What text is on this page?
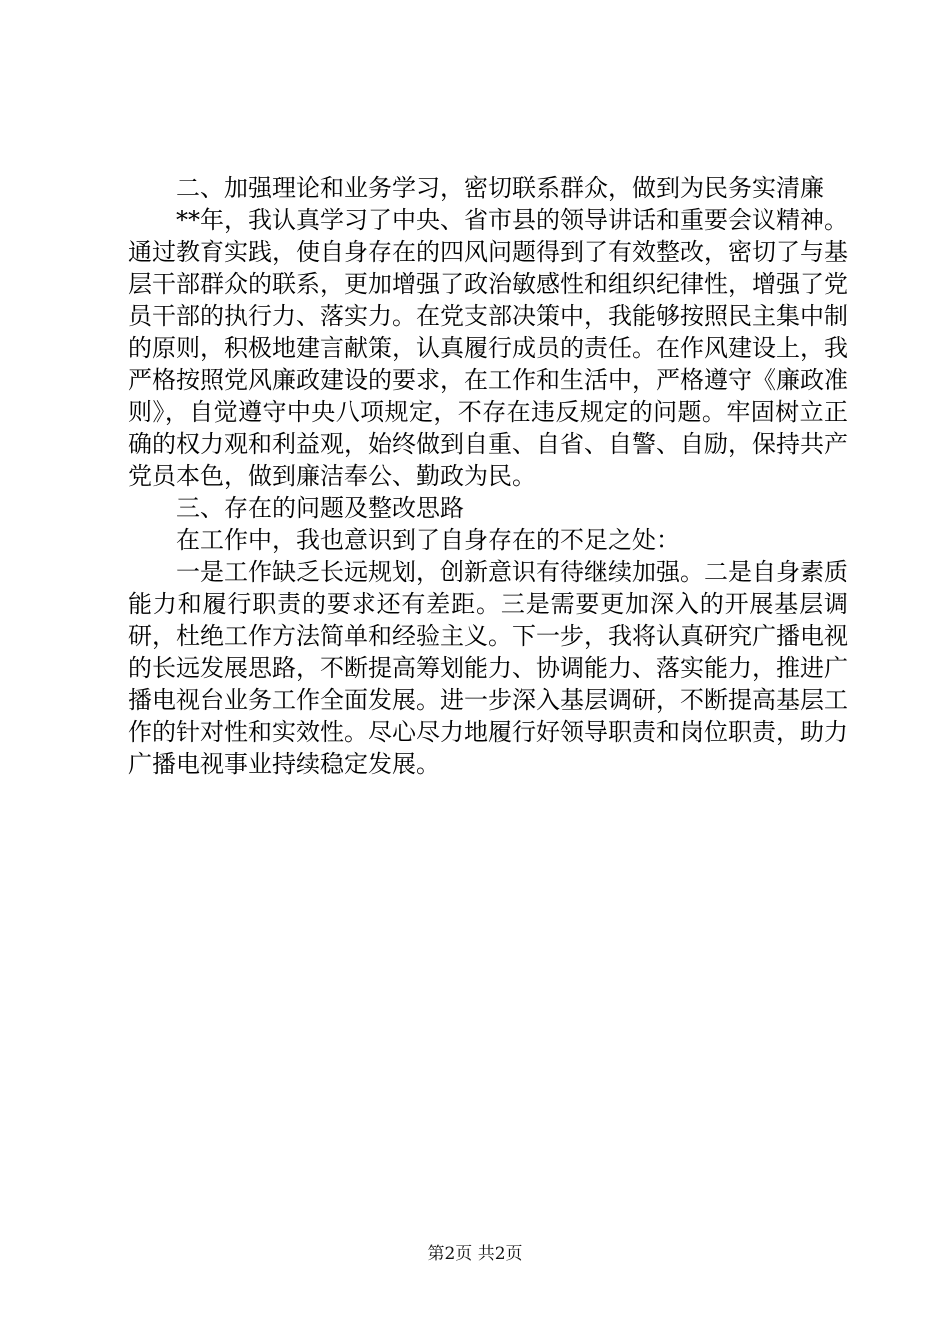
二、加强理论和业务学习，密切联系群众，做到为民务实清廉

**年，我认真学习了中央、省市县的领导讲话和重要会议精神。通过教育实践，使自身存在的四风问题得到了有效整改，密切了与基层干部群众的联系，更加增强了政治敏感性和组织纪律性，增强了党员干部的执行力、落实力。在党支部决策中，我能够按照民主集中制的原则，积极地建言献策，认真履行成员的责任。在作风建设上，我严格按照党风廉政建设的要求，在工作和生活中，严格遵守《廉政准则》，自觉遵守中央八项规定，不存在违反规定的问题。牢固树立正确的权力观和利益观，始终做到自重、自省、自警、自励，保持共产党员本色，做到廉洁奉公、勤政为民。

三、存在的问题及整改思路

在工作中，我也意识到了自身存在的不足之处：

一是工作缺乏长远规划，创新意识有待继续加强。二是自身素质能力和履行职责的要求还有差距。三是需要更加深入的开展基层调研，杜绝工作方法简单和经验主义。下一步，我将认真研究广播电视的长远发展思路，不断提高筹划能力、协调能力、落实能力，推进广播电视台业务工作全面发展。进一步深入基层调研，不断提高基层工作的针对性和实效性。尽心尽力地履行好领导职责和岗位职责，助力广播电视事业持续稳定发展。

第2页 共2页
